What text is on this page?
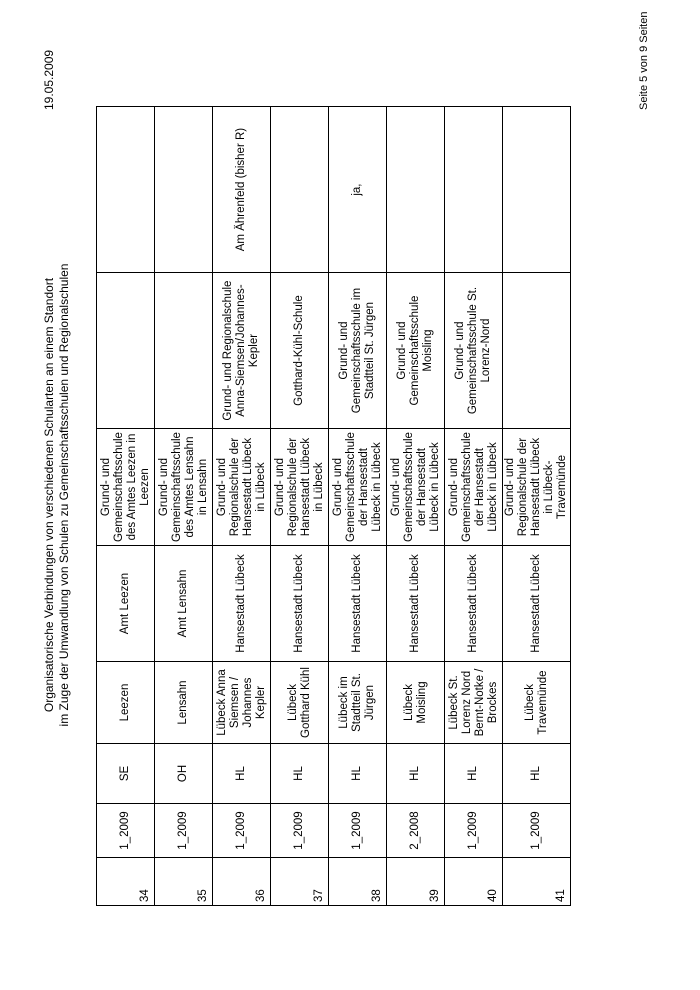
Organisatorische Verbindungen von verschiedenen Schularten an einem Standort im Zuge der Umwandlung von Schulen zu Gemeinschaftsschulen und Regionalschulen
19.05.2009	Seite 5 von 9 Seiten
34	1_2009	SE	Leezen	Amt Leezen	Grund- und Gemeinschaftsschule des Amtes Leezen in Leezen		
35	1_2009	OH	Lensahn	Amt Lensahn	Grund- und Gemeinschaftsschule des Amtes Lensahn in Lensahn		
36	1_2009	HL	Lübeck Anna Siemsen / Johannes Kepler	Hansestadt Lübeck	Grund- und Regionalschule der Hansestadt Lübeck in Lübeck	Grund- und Regionalschule Anna-Siemsen/Johannes-Kepler	Am Ährenfeld (bisher R)
37	1_2009	HL	Lübeck Gotthard Kühl	Hansestadt Lübeck	Grund- und Regionalschule der Hansestadt Lübeck in Lübeck	Gotthard-Kühl-Schule	
38	1_2009	HL	Lübeck im Stadtteil St. Jürgen	Hansestadt Lübeck	Grund- und Gemeinschaftsschule der Hansestadt Lübeck in Lübeck	Grund- und Gemeinschaftsschule im Stadtteil St. Jürgen	ja,
39	2_2008	HL	Lübeck Moisling	Hansestadt Lübeck	Grund- und Gemeinschaftsschule der Hansestadt Lübeck in Lübeck	Grund- und Gemeinschaftsschule Moisling	
40	1_2009	HL	Lübeck St. Lorenz Nord Bernt-Notke / Brockes	Hansestadt Lübeck	Grund- und Gemeinschaftsschule der Hansestadt Lübeck in Lübeck	Grund- und Gemeinschaftsschule St. Lorenz-Nord	
41	1_2009	HL	Lübeck Travemünde	Hansestadt Lübeck	Grund- und Regionalschule der Hansestadt Lübeck in Lübeck-Travemünde		
